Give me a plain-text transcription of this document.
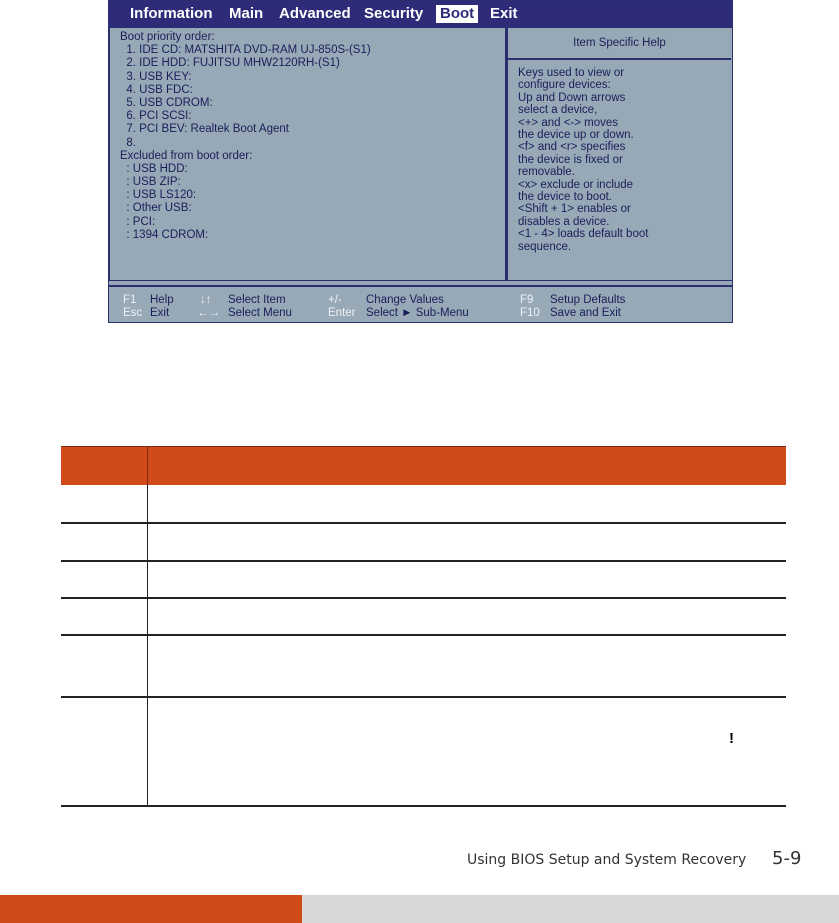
Information Main Advanced Security Boot Exit
Boot priority order:
1. IDE CD: MATSHITA DVD-RAM UJ-850S-(S1)
2. IDE HDD: FUJITSU MHW2120RH-(S1)
3. USB KEY:
4. USB FDC:
5. USB CDROM:
6. PCI SCSI:
7. PCI BEV: Realtek Boot Agent
8.
Excluded from boot order:
: USB HDD:
: USB ZIP:
: USB LS120:
: Other USB:
: PCI:
: 1394 CDROM:
Item Specific Help
Keys used to view or
configure devices:
Up and Down arrows
select a device,
<+> and <-> moves
the device up or down.
<f> and <r> specifies
the device is fixed or
removable.
<x> exclude or include
the device to boot.
<Shift + 1> enables or
disables a device.
<1 - 4> loads default boot
sequence.
F1 Help
Esc Exit
↓↑ Select Item
←→ Select Menu
+/- Change Values
Enter Select ► Sub-Menu
F9 Setup Defaults
F10 Save and Exit
!
Using BIOS Setup and System Recovery 5-9
